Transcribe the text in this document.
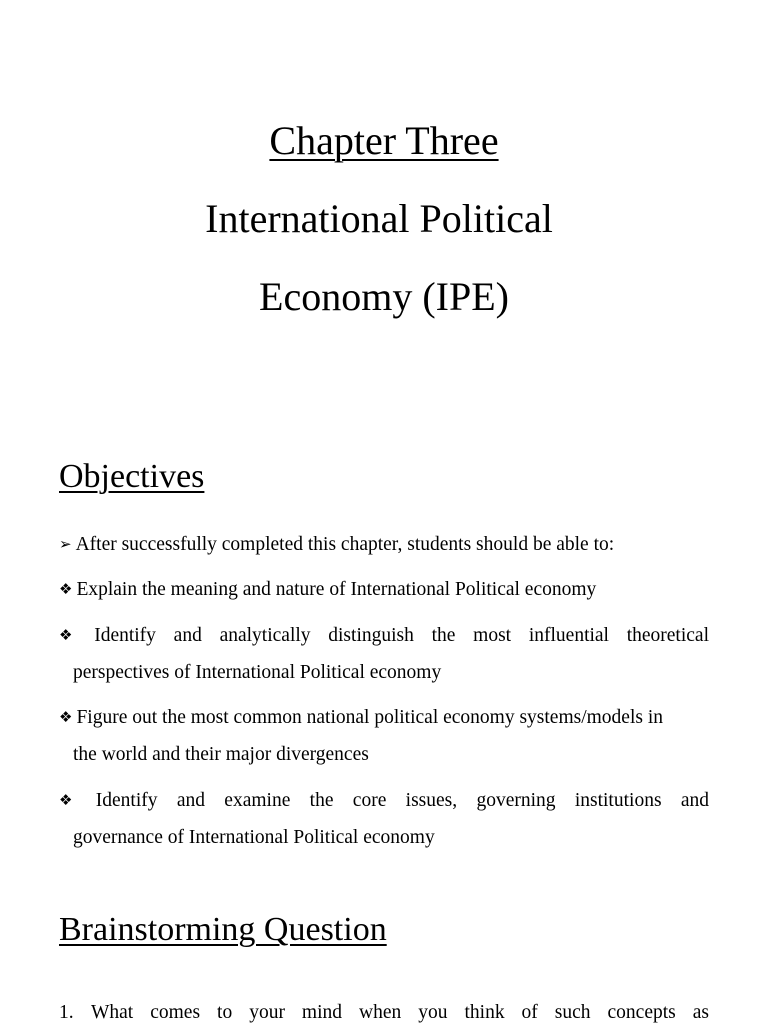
Chapter Three
International Political
Economy (IPE)
Objectives
➢ After successfully completed this chapter, students should be able to:
❖ Explain the meaning and nature of International Political economy
❖ Identify and analytically distinguish the most influential theoretical
perspectives of International Political economy
❖ Figure out the most common national political economy systems/models in
the world and their major divergences
❖ Identify and examine the core issues, governing institutions and
governance of International Political economy
Brainstorming Question
1. What comes to your mind when you think of such concepts as
